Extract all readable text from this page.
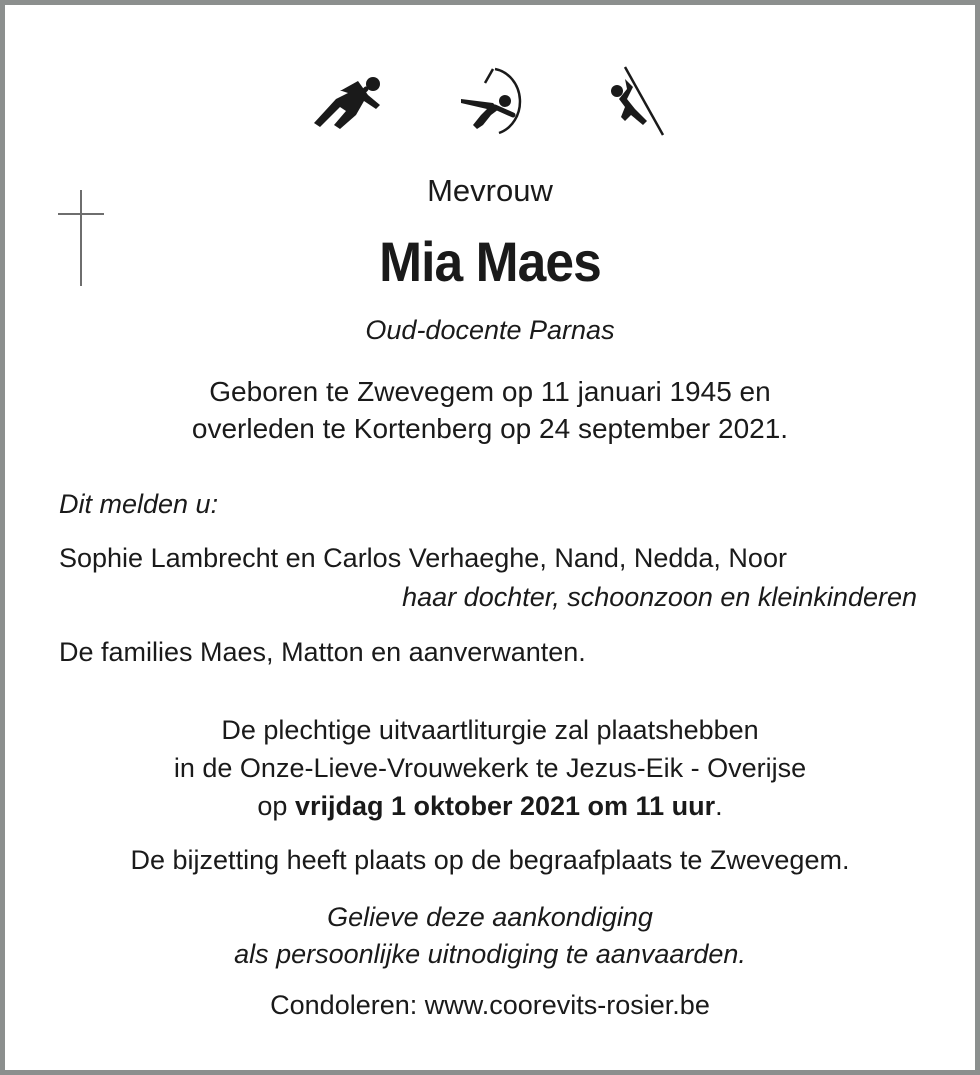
Mevrouw
Mia Maes
Oud-docente Parnas
Geboren te Zwevegem op 11 januari 1945 en
overleden te Kortenberg op 24 september 2021.
Dit melden u:
Sophie Lambrecht en Carlos Verhaeghe, Nand, Nedda, Noor
haar dochter, schoonzoon en kleinkinderen
De families Maes, Matton en aanverwanten.
De plechtige uitvaartliturgie zal plaatshebben
in de Onze-Lieve-Vrouwekerk te Jezus-Eik - Overijse
op vrijdag 1 oktober 2021 om 11 uur.
De bijzetting heeft plaats op de begraafplaats te Zwevegem.
Gelieve deze aankondiging
als persoonlijke uitnodiging te aanvaarden.
Condoleren: www.coorevits-rosier.be
